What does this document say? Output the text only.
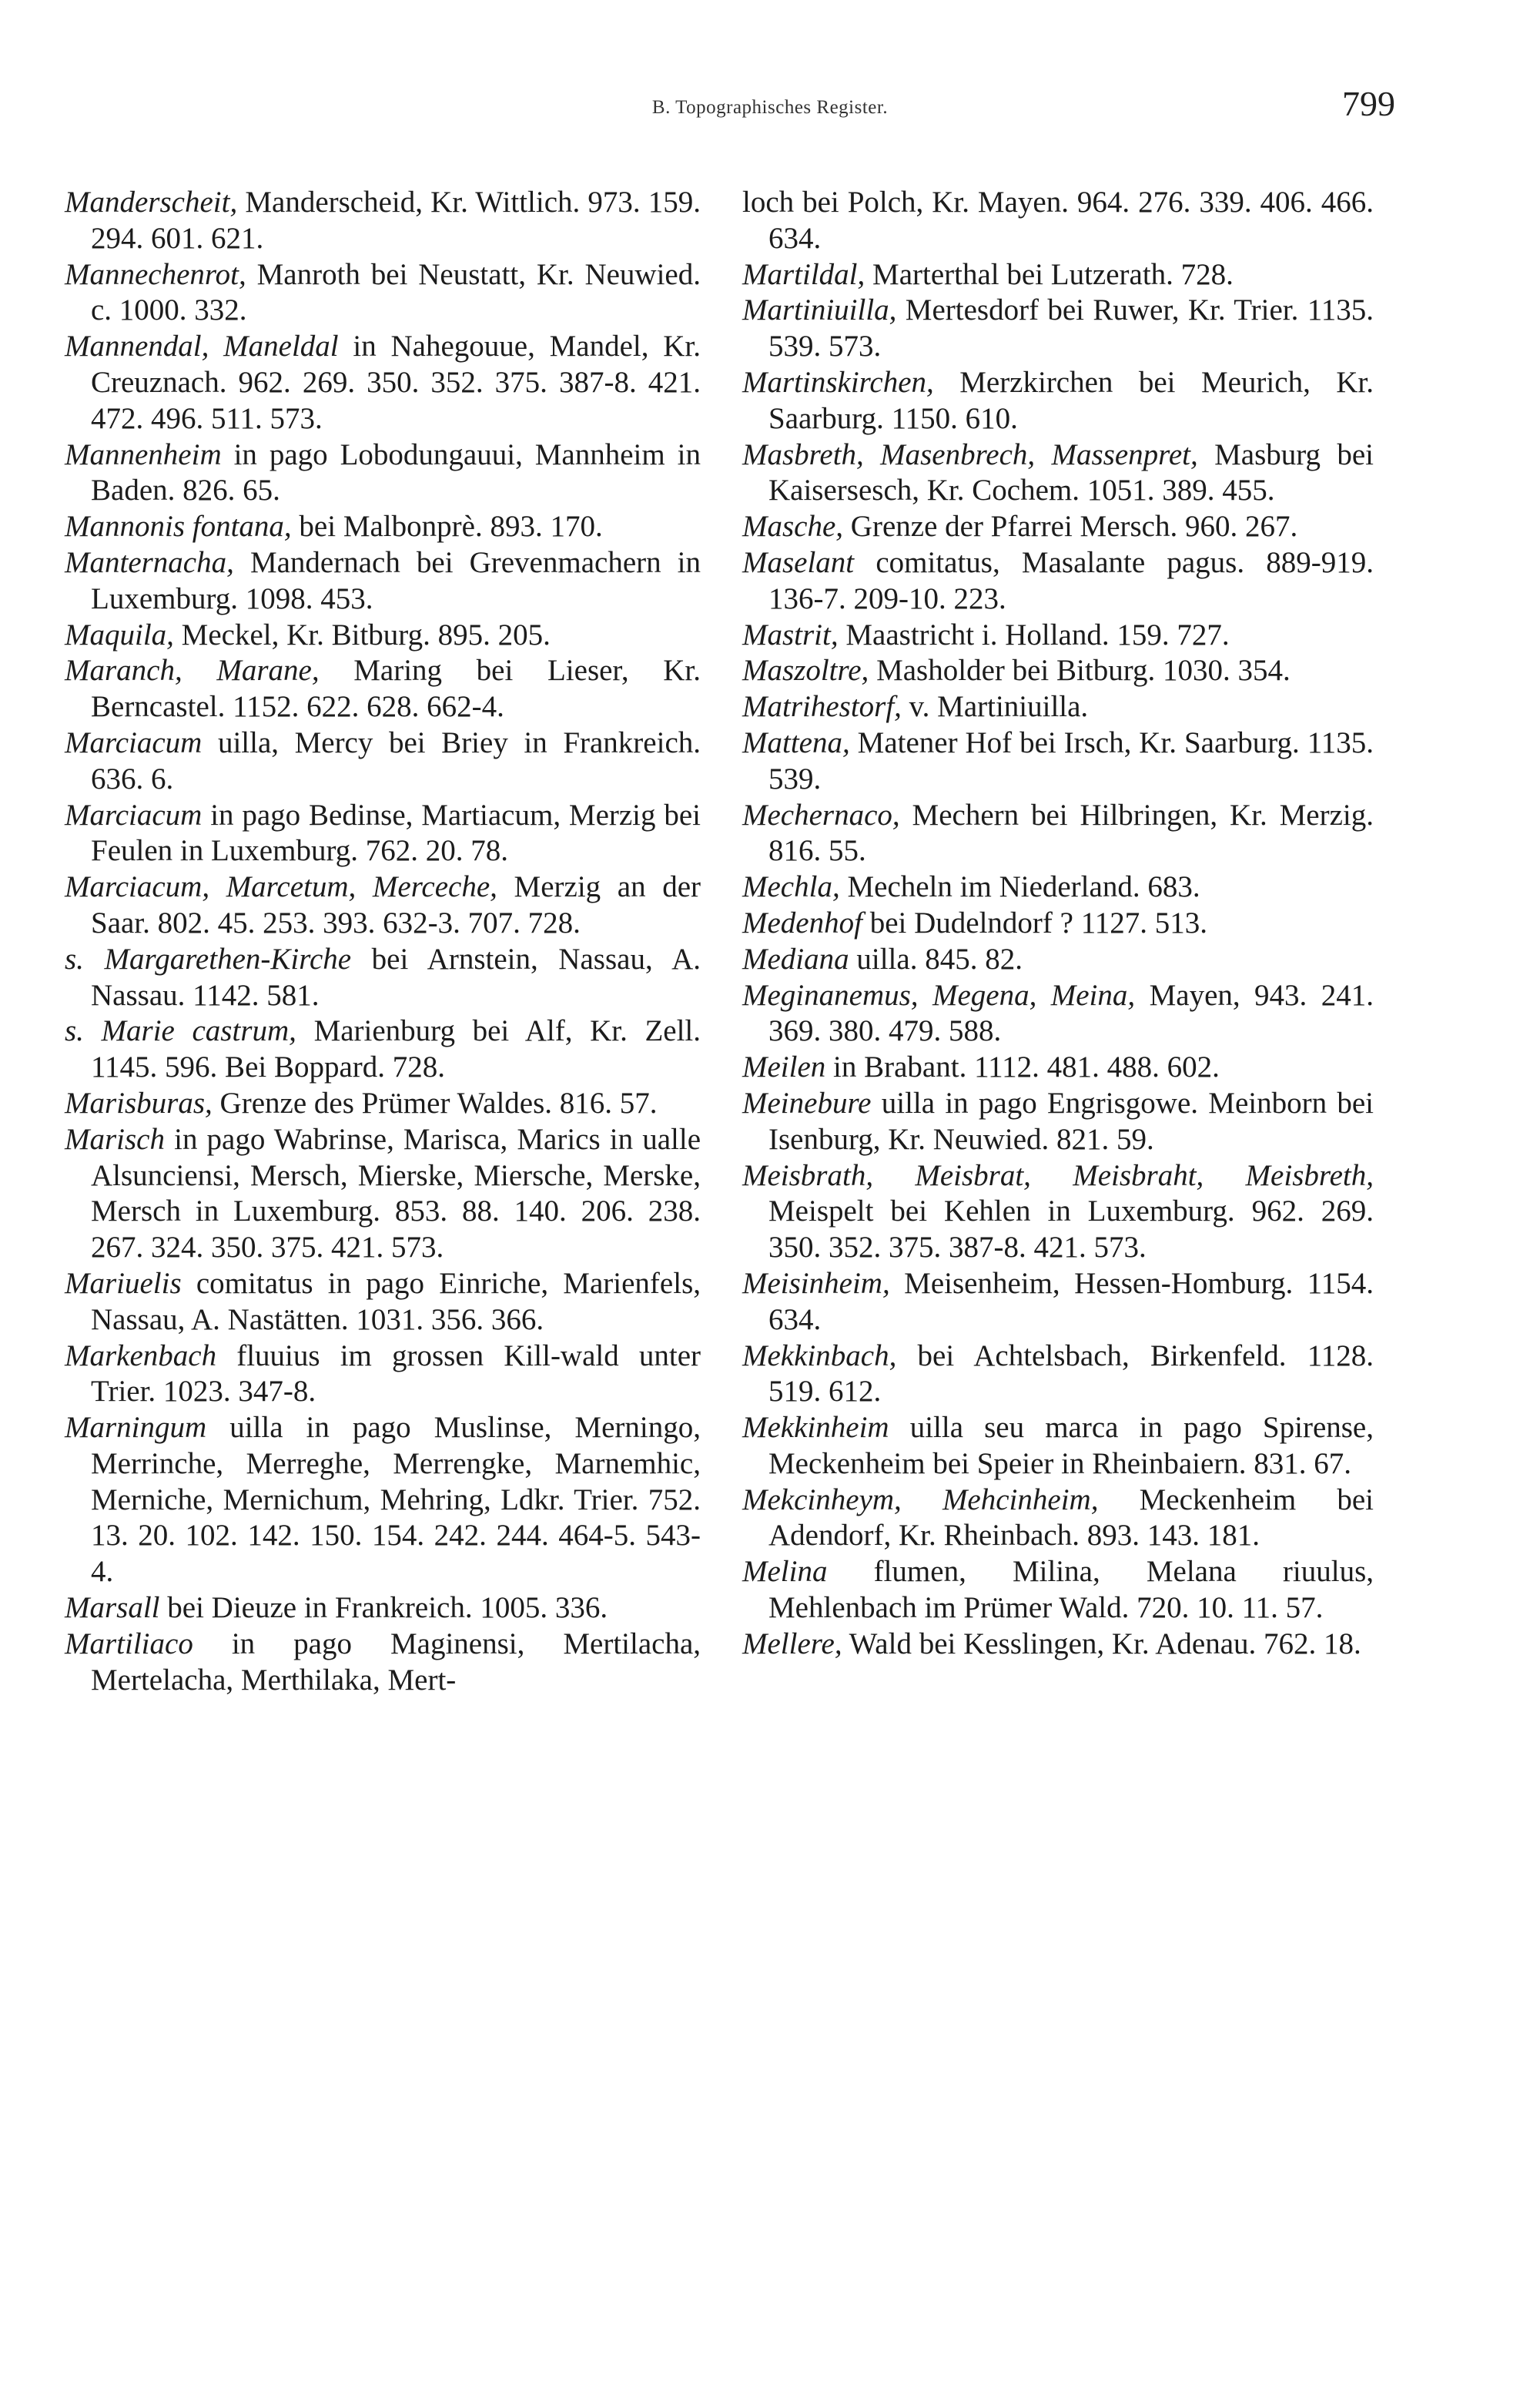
B. Topographisches Register.	799
Manderscheit, Manderscheid, Kr. Wittlich. 973. 159. 294. 601. 621.
Mannechenrot, Manroth bei Neustatt, Kr. Neuwied. c. 1000. 332.
Mannendal, Maneldal in Nahegouue, Mandel, Kr. Creuznach. 962. 269. 350. 352. 375. 387-8. 421. 472. 496. 511. 573.
Mannenheim in pago Lobodungauui, Mannheim in Baden. 826. 65.
Mannonis fontana, bei Malbonprè. 893. 170.
Manternacha, Mandernach bei Grevenmachern in Luxemburg. 1098. 453.
Maquila, Meckel, Kr. Bitburg. 895. 205.
Maranch, Marane, Maring bei Lieser, Kr. Berncastel. 1152. 622. 628. 662-4.
Marciacum uilla, Mercy bei Briey in Frankreich. 636. 6.
Marciacum in pago Bedinse, Martiacum, Merzig bei Feulen in Luxemburg. 762. 20. 78.
Marciacum, Marcetum, Merceche, Merzig an der Saar. 802. 45. 253. 393. 632-3. 707. 728.
s. Margarethen-Kirche bei Arnstein, Nassau, A. Nassau. 1142. 581.
s. Marie castrum, Marienburg bei Alf, Kr. Zell. 1145. 596. Bei Boppard. 728.
Marisburas, Grenze des Prümer Waldes. 816. 57.
Marisch in pago Wabrinse, Marisca, Marics in ualle Alsunciensi, Mersch, Mierske, Miersche, Merske, Mersch in Luxemburg. 853. 88. 140. 206. 238. 267. 324. 350. 375. 421. 573.
Mariuelis comitatus in pago Einriche, Marienfels, Nassau, A. Nastätten. 1031. 356. 366.
Markenbach fluuius im grossen Kill-wald unter Trier. 1023. 347-8.
Marningum uilla in pago Muslinse, Merningo, Merrinche, Merreghe, Merrengke, Marnemhic, Merniche, Mernichum, Mehring, Ldkr. Trier. 752. 13. 20. 102. 142. 150. 154. 242. 244. 464-5. 543-4.
Marsall bei Dieuze in Frankreich. 1005. 336.
Martiliaco in pago Maginensi, Mertilacha, Mertelacha, Merthilaka, Mert-
loch bei Polch, Kr. Mayen. 964. 276. 339. 406. 466. 634.
Martildal, Marterthal bei Lutzerath. 728.
Martiniuilla, Mertesdorf bei Ruwer, Kr. Trier. 1135. 539. 573.
Martinskirchen, Merzkirchen bei Meurich, Kr. Saarburg. 1150. 610.
Masbreth, Masenbrech, Massenpret, Masburg bei Kaisersesch, Kr. Cochem. 1051. 389. 455.
Masche, Grenze der Pfarrei Mersch. 960. 267.
Maselant comitatus, Masalante pagus. 889-919. 136-7. 209-10. 223.
Mastrit, Maastricht i. Holland. 159. 727.
Maszoltre, Masholder bei Bitburg. 1030. 354.
Matrihestorf, v. Martiniuilla.
Mattena, Matener Hof bei Irsch, Kr. Saarburg. 1135. 539.
Mechernaco, Mechern bei Hilbringen, Kr. Merzig. 816. 55.
Mechla, Mecheln im Niederland. 683.
Medenhof bei Dudelndorf ? 1127. 513.
Mediana uilla. 845. 82.
Meginanemus, Megena, Meina, Mayen, 943. 241. 369. 380. 479. 588.
Meilen in Brabant. 1112. 481. 488. 602.
Meinebure uilla in pago Engrisgowe. Meinborn bei Isenburg, Kr. Neuwied. 821. 59.
Meisbrath, Meisbrat, Meisbraht, Meisbreth, Meispelt bei Kehlen in Luxemburg. 962. 269. 350. 352. 375. 387-8. 421. 573.
Meisinheim, Meisenheim, Hessen-Homburg. 1154. 634.
Mekkinbach, bei Achtelsbach, Birkenfeld. 1128. 519. 612.
Mekkinheim uilla seu marca in pago Spirense, Meckenheim bei Speier in Rheinbaiern. 831. 67.
Mekcinheym, Mehcinheim, Meckenheim bei Adendorf, Kr. Rheinbach. 893. 143. 181.
Melina flumen, Milina, Melana riuulus, Mehlenbach im Prümer Wald. 720. 10. 11. 57.
Mellere, Wald bei Kesslingen, Kr. Adenau. 762. 18.
